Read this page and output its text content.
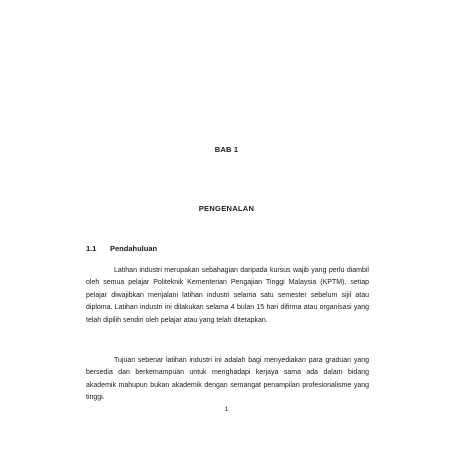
BAB 1
PENGENALAN
1.1 Pendahuluan

Latihan industri merupakan sebahagian daripada kursus wajib yang perlu diambil oleh semua pelajar Politeknik Kementerian Pengajian Tinggi Malaysia (KPTM), setiap pelajar diwajibkan menjalani latihan industri selama satu semester sebelum sijil atau diploma. Latihan industri ini dilakukan selama 4 bulan 15 hari difirma atau organisasi yang telah dipilih sendiri oleh pelajar atau yang telah ditetapkan.

Tujuan sebenar latihan industri ini adalah bagi menyediakan para graduan yang bersedia dan berkemampuan untuk menghadapi kerjaya sama ada dalam bidang akademik mahupun bukan akademik dengan semangat penampilan profesionalisme yang tinggi.

1
